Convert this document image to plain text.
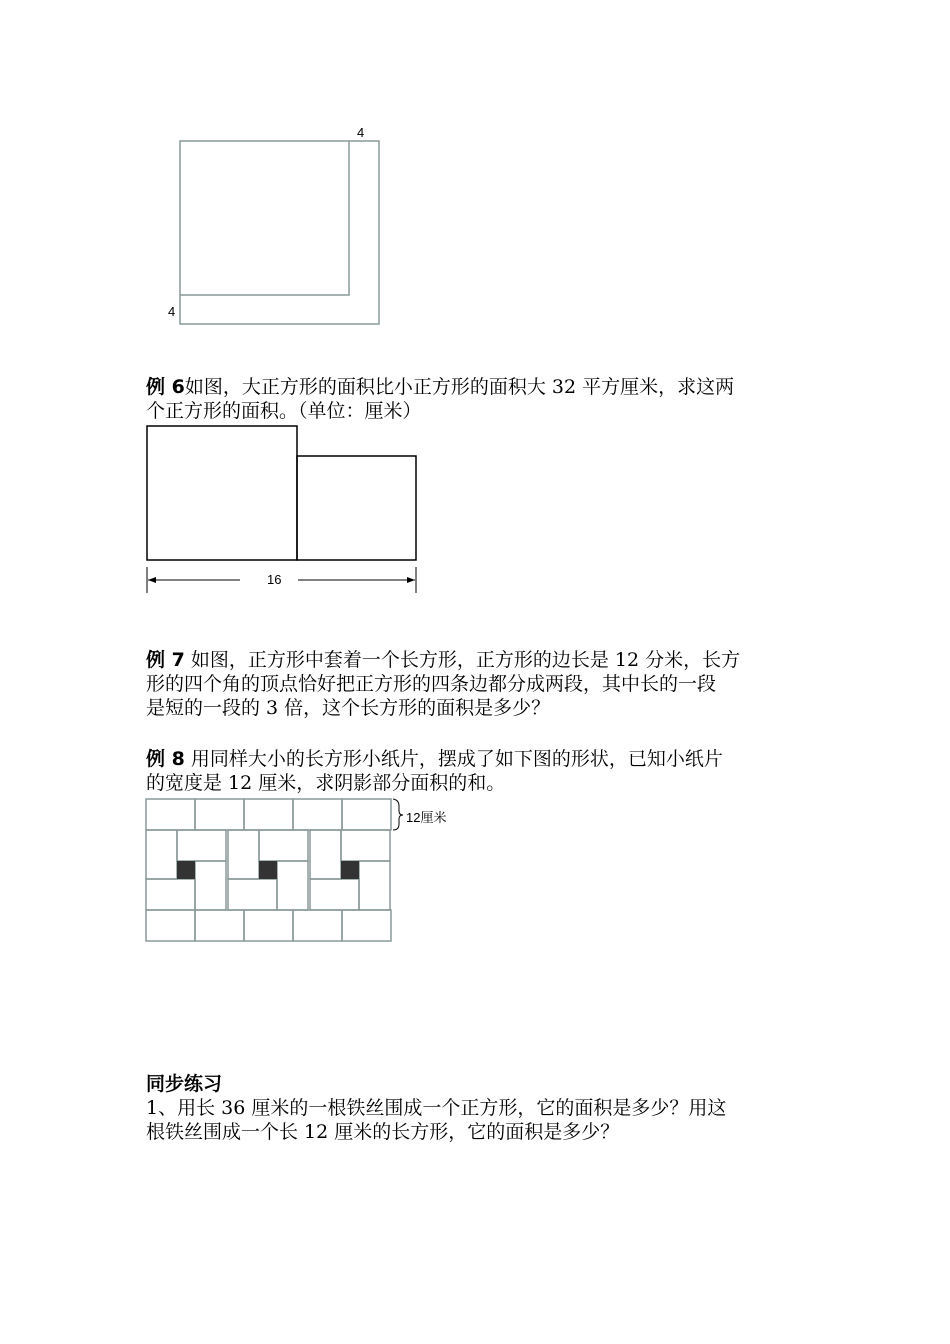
4
4
例 6如图，大正方形的面积比小正方形的面积大 32 平方厘米，求这两
个正方形的面积。（单位：厘米）
16
例 7 如图，正方形中套着一个长方形，正方形的边长是 12 分米，长方
形的四个角的顶点恰好把正方形的四条边都分成两段，其中长的一段
是短的一段的 3 倍，这个长方形的面积是多少？
例 8 用同样大小的长方形小纸片，摆成了如下图的形状，已知小纸片
的宽度是 12 厘米，求阴影部分面积的和。
12厘米
同步练习
1、用长 36 厘米的一根铁丝围成一个正方形，它的面积是多少？用这
根铁丝围成一个长 12 厘米的长方形，它的面积是多少？
